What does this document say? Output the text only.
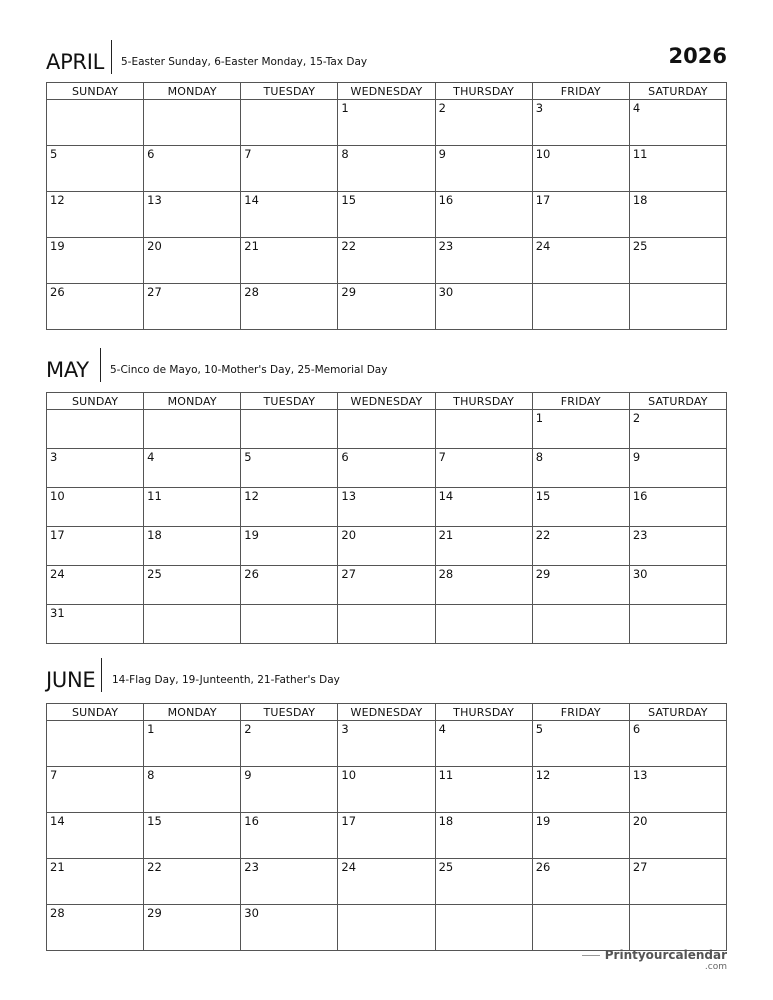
2026
APRIL 5-Easter Sunday, 6-Easter Monday, 15-Tax Day
SUNDAY	MONDAY	TUESDAY	WEDNESDAY	THURSDAY	FRIDAY	SATURDAY

			1	2	3	4

5	6	7	8	9	10	11

12	13	14	15	16	17	18

19	20	21	22	23	24	25

26	27	28	29	30		

MAY 5-Cinco de Mayo, 10-Mother's Day, 25-Memorial Day
SUNDAY	MONDAY	TUESDAY	WEDNESDAY	THURSDAY	FRIDAY	SATURDAY

					1	2

3	4	5	6	7	8	9

10	11	12	13	14	15	16

17	18	19	20	21	22	23

24	25	26	27	28	29	30

31						

JUNE 14-Flag Day, 19-Junteenth, 21-Father's Day
SUNDAY	MONDAY	TUESDAY	WEDNESDAY	THURSDAY	FRIDAY	SATURDAY

	1	2	3	4	5	6

7	8	9	10	11	12	13

14	15	16	17	18	19	20

21	22	23	24	25	26	27

28	29	30				

Printyourcalendar
.com
